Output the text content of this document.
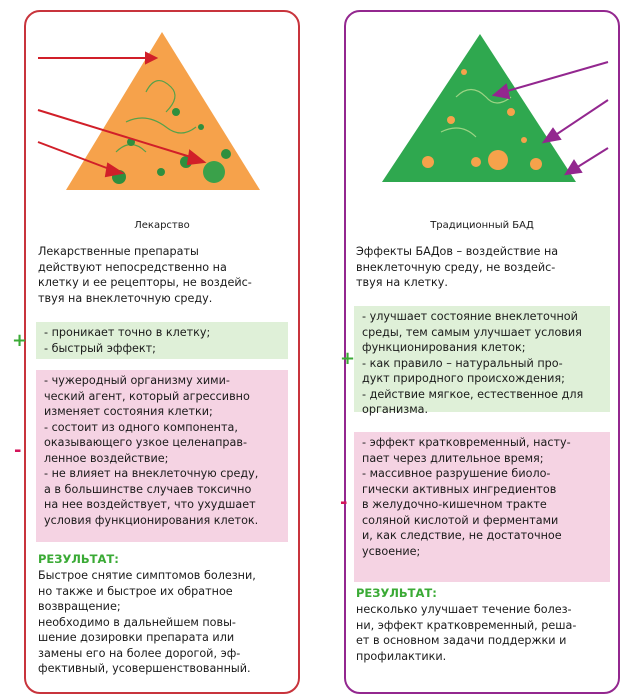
Лекарство
Лекарственные препараты
действуют непосредственно на
клетку и ее рецепторы, не воздейс-
твуя на внеклеточную среду.

- проникает точно в клетку;
- быстрый эффект;

+

- чужеродный организму хими-
ческий агент, который агрессивно
изменяет состояния клетки;
- состоит из одного компонента,
оказывающего узкое целенаправ-
ленное воздействие;
- не влияет на внеклеточную среду,
а в большинстве случаев токсично
на нее воздействует, что ухудшает
условия функционирования клеток.

-
РЕЗУЛЬТАТ:
Быстрое снятие симптомов болезни,
но также и быстрое их обратное
возвращение;
необходимо в дальнейшем повы-
шение дозировки препарата или
замены его на более дорогой, эф-
фективный, усовершенствованный.
Традиционный БАД
Эффекты БАДов – воздействие на
внеклеточную среду, не воздейс-
твуя на клетку.

- улучшает состояние внеклеточной
среды, тем самым улучшает условия
функционирования клеток;
- как правило – натуральный про-
дукт природного происхождения;
- действие мягкое, естественное для
организма.

+

- эффект кратковременный, насту-
пает через длительное время;
- массивное разрушение биоло-
гически активных ингредиентов
в желудочно-кишечном тракте
соляной кислотой и ферментами
и, как следствие, не достаточное
усвоение;

-
РЕЗУЛЬТАТ:
несколько улучшает течение болез-
ни, эффект кратковременный, реша-
ет в основном задачи поддержки и
профилактики.
